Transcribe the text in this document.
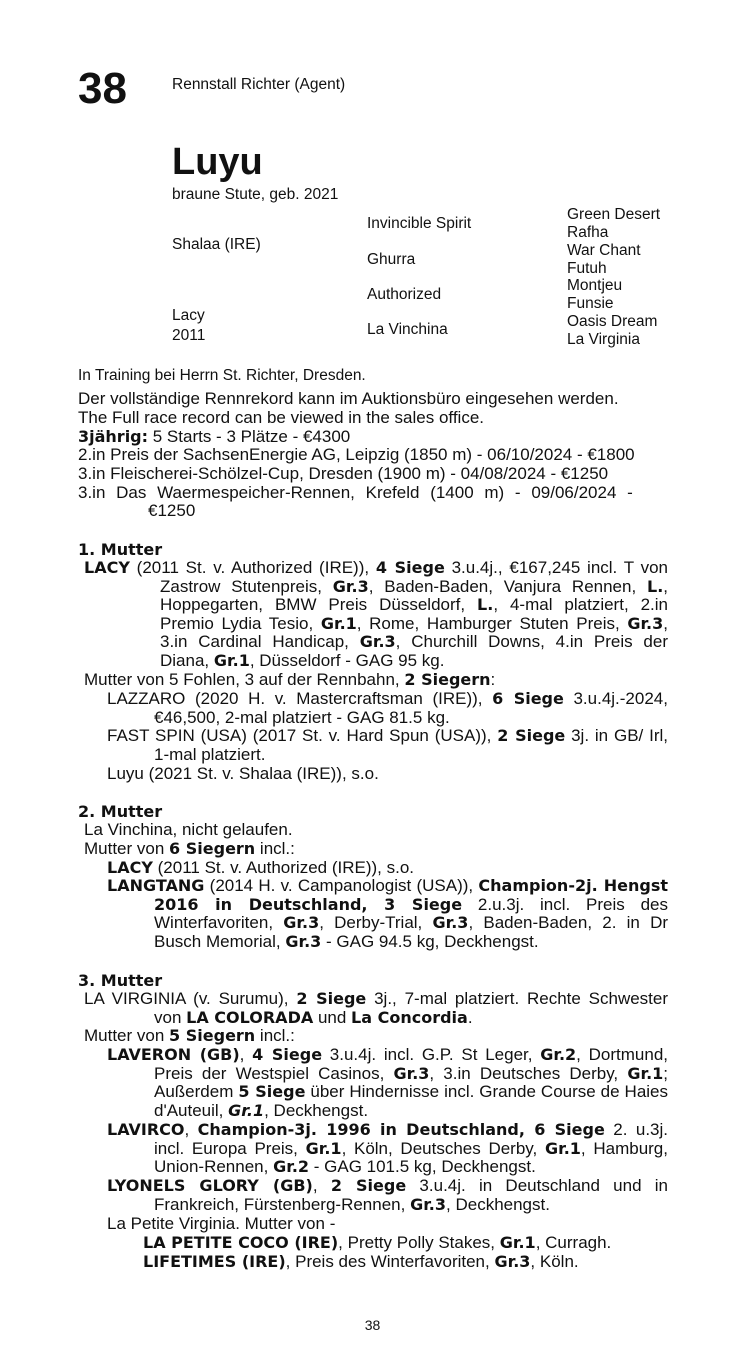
38	Rennstall Richter (Agent)
Luyu
braune Stute, geb. 2021
Shalaa (IRE)
Lacy
2011
Invincible Spirit
Ghurra
Authorized
La Vinchina
Green Desert
Rafha
War Chant
Futuh
Montjeu
Funsie
Oasis Dream
La Virginia
In Training bei Herrn St. Richter, Dresden.
Der vollständige Rennrekord kann im Auktionsbüro eingesehen werden.
The Full race record can be viewed in the sales office.
3jährig: 5 Starts - 3 Plätze - €4300
2.in Preis der SachsenEnergie AG, Leipzig (1850 m) - 06/10/2024 - €1800
3.in Fleischerei-Schölzel-Cup, Dresden (1900 m) - 04/08/2024 - €1250
3.in Das Waermespeicher-Rennen, Krefeld (1400 m) - 09/06/2024 -
€1250
1. Mutter
LACY (2011 St. v. Authorized (IRE)), 4 Siege 3.u.4j., €167,245 incl. T von Zastrow Stutenpreis, Gr.3, Baden-Baden, Vanjura Rennen, L., Hoppegarten, BMW Preis Düsseldorf, L., 4-mal platziert, 2.in Premio Lydia Tesio, Gr.1, Rome, Hamburger Stuten Preis, Gr.3, 3.in Cardinal Handicap, Gr.3, Churchill Downs, 4.in Preis der Diana, Gr.1, Düsseldorf - GAG 95 kg.
Mutter von 5 Fohlen, 3 auf der Rennbahn, 2 Siegern:
LAZZARO (2020 H. v. Mastercraftsman (IRE)), 6 Siege 3.u.4j.-2024, €46,500, 2-mal platziert - GAG 81.5 kg.
FAST SPIN (USA) (2017 St. v. Hard Spun (USA)), 2 Siege 3j. in GB/ Irl, 1-mal platziert.
Luyu (2021 St. v. Shalaa (IRE)), s.o.
2. Mutter
La Vinchina, nicht gelaufen.
Mutter von 6 Siegern incl.:
LACY (2011 St. v. Authorized (IRE)), s.o.
LANGTANG (2014 H. v. Campanologist (USA)), Champion-2j. Hengst 2016 in Deutschland, 3 Siege 2.u.3j. incl. Preis des Winterfavoriten, Gr.3, Derby-Trial, Gr.3, Baden-Baden, 2. in Dr Busch Memorial, Gr.3 - GAG 94.5 kg, Deckhengst.
3. Mutter
LA VIRGINIA (v. Surumu), 2 Siege 3j., 7-mal platziert. Rechte Schwester von LA COLORADA und La Concordia.
Mutter von 5 Siegern incl.:
LAVERON (GB), 4 Siege 3.u.4j. incl. G.P. St Leger, Gr.2, Dortmund, Preis der Westspiel Casinos, Gr.3, 3.in Deutsches Derby, Gr.1; Außerdem 5 Siege über Hindernisse incl. Grande Course de Haies d'Auteuil, Gr.1, Deckhengst.
LAVIRCO, Champion-3j. 1996 in Deutschland, 6 Siege 2. u.3j. incl. Europa Preis, Gr.1, Köln, Deutsches Derby, Gr.1, Hamburg, Union-Rennen, Gr.2 - GAG 101.5 kg, Deckhengst.
LYONELS GLORY (GB), 2 Siege 3.u.4j. in Deutschland und in Frankreich, Fürstenberg-Rennen, Gr.3, Deckhengst.
La Petite Virginia. Mutter von -
LA PETITE COCO (IRE), Pretty Polly Stakes, Gr.1, Curragh.
LIFETIMES (IRE), Preis des Winterfavoriten, Gr.3, Köln.
38
